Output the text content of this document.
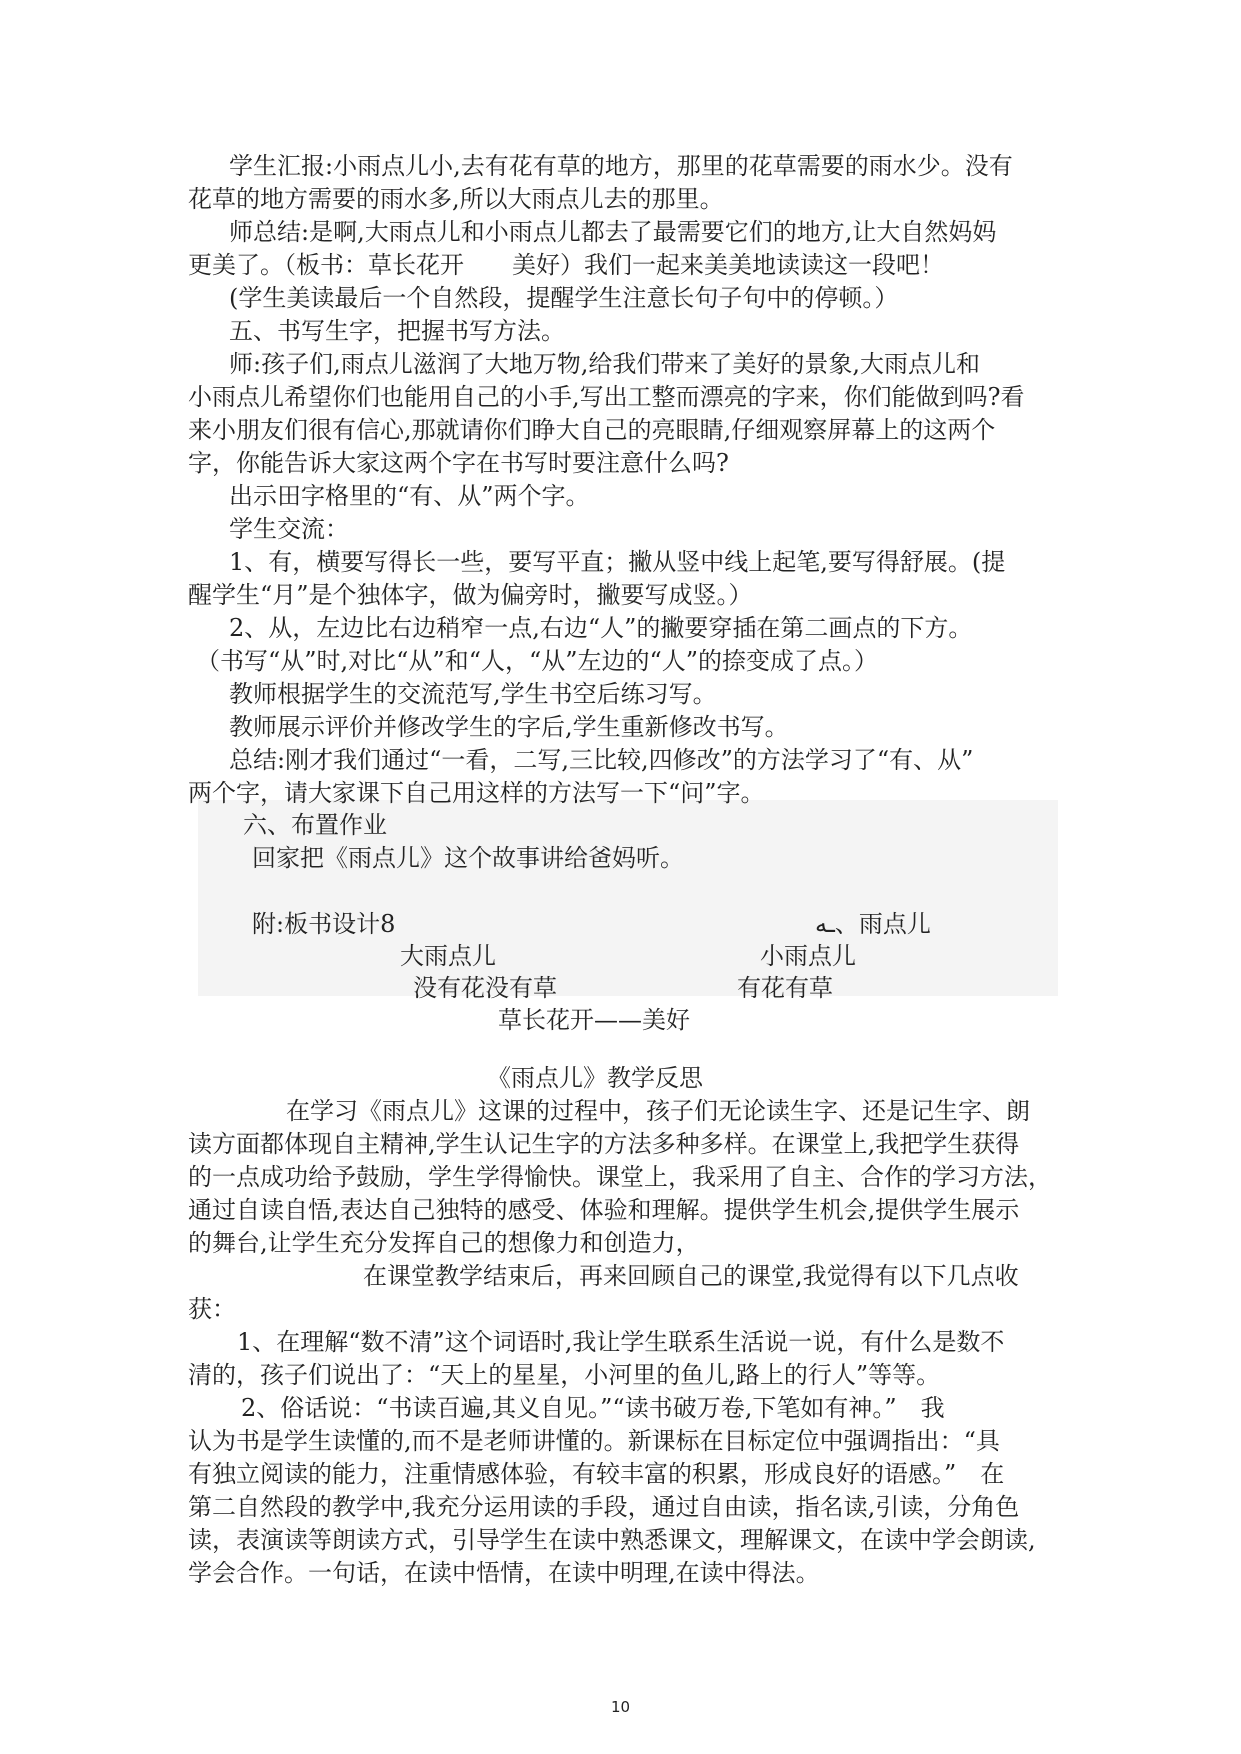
学生汇报:小雨点儿小,去有花有草的地方，那里的花草需要的雨水少。没有
花草的地方需要的雨水多,所以大雨点儿去的那里。
师总结:是啊,大雨点儿和小雨点儿都去了最需要它们的地方,让大自然妈妈
更美了。（板书：草长花开　　美好）我们一起来美美地读读这一段吧！
(学生美读最后一个自然段，提醒学生注意长句子句中的停顿。）
五、书写生字，把握书写方法。
师:孩子们,雨点儿滋润了大地万物,给我们带来了美好的景象,大雨点儿和
小雨点儿希望你们也能用自己的小手,写出工整而漂亮的字来，你们能做到吗?看
来小朋友们很有信心,那就请你们睁大自己的亮眼睛,仔细观察屏幕上的这两个
字，你能告诉大家这两个字在书写时要注意什么吗?
出示田字格里的“有、从”两个字。
学生交流：
1、有，横要写得长一些，要写平直；撇从竖中线上起笔,要写得舒展。(提
醒学生“月”是个独体字，做为偏旁时，撇要写成竖。）
2、从，左边比右边稍窄一点,右边“人”的撇要穿插在第二画点的下方。
（书写“从”时,对比“从”和“人，“从”左边的“人”的捺变成了点。）
教师根据学生的交流范写,学生书空后练习写。
教师展示评价并修改学生的字后,学生重新修改书写。
总结:刚才我们通过“一看，二写,三比较,四修改”的方法学习了“有、从”
两个字，请大家课下自己用这样的方法写一下“问”字。
六、布置作业
回家把《雨点儿》这个故事讲给爸妈听。
附:板书设计8	ـه、雨点儿
大雨点儿	小雨点儿
没有花没有草	有花有草
草长花开——美好
《雨点儿》教学反思
在学习《雨点儿》这课的过程中，孩子们无论读生字、还是记生字、朗
读方面都体现自主精神,学生认记生字的方法多种多样。在课堂上,我把学生获得
的一点成功给予鼓励，学生学得愉快。课堂上，我采用了自主、合作的学习方法，
通过自读自悟,表达自己独特的感受、体验和理解。提供学生机会,提供学生展示
的舞台,让学生充分发挥自己的想像力和创造力，
在课堂教学结束后，再来回顾自己的课堂,我觉得有以下几点收
获：
1、在理解“数不清”这个词语时,我让学生联系生活说一说，有什么是数不
清的，孩子们说出了：“天上的星星，小河里的鱼儿,路上的行人”等等。
2、俗话说：“书读百遍,其义自见。”“读书破万卷,下笔如有神。”　我
认为书是学生读懂的,而不是老师讲懂的。新课标在目标定位中强调指出：“具
有独立阅读的能力，注重情感体验，有较丰富的积累，形成良好的语感。”　在
第二自然段的教学中,我充分运用读的手段，通过自由读，指名读,引读，分角色
读，表演读等朗读方式，引导学生在读中熟悉课文，理解课文，在读中学会朗读,
学会合作。一句话，在读中悟情，在读中明理,在读中得法。
10
